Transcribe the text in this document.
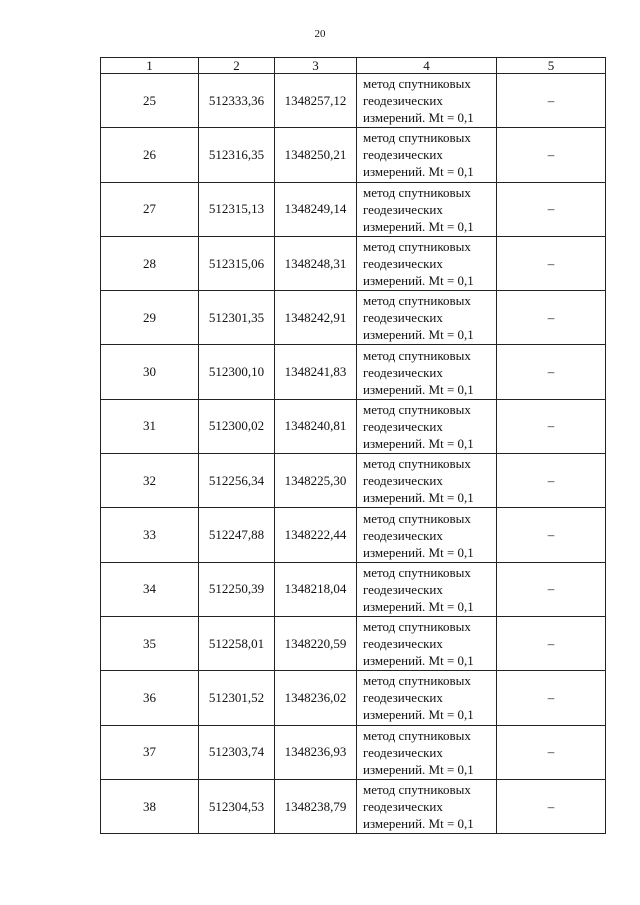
20
1	2	3	4	5
25	512333,36	1348257,12	метод спутниковых
геодезических
измерений. Mt = 0,1	–
26	512316,35	1348250,21	метод спутниковых
геодезических
измерений. Mt = 0,1	–
27	512315,13	1348249,14	метод спутниковых
геодезических
измерений. Mt = 0,1	–
28	512315,06	1348248,31	метод спутниковых
геодезических
измерений. Mt = 0,1	–
29	512301,35	1348242,91	метод спутниковых
геодезических
измерений. Mt = 0,1	–
30	512300,10	1348241,83	метод спутниковых
геодезических
измерений. Mt = 0,1	–
31	512300,02	1348240,81	метод спутниковых
геодезических
измерений. Mt = 0,1	–
32	512256,34	1348225,30	метод спутниковых
геодезических
измерений. Mt = 0,1	–
33	512247,88	1348222,44	метод спутниковых
геодезических
измерений. Mt = 0,1	–
34	512250,39	1348218,04	метод спутниковых
геодезических
измерений. Mt = 0,1	–
35	512258,01	1348220,59	метод спутниковых
геодезических
измерений. Mt = 0,1	–
36	512301,52	1348236,02	метод спутниковых
геодезических
измерений. Mt = 0,1	–
37	512303,74	1348236,93	метод спутниковых
геодезических
измерений. Mt = 0,1	–
38	512304,53	1348238,79	метод спутниковых
геодезических
измерений. Mt = 0,1	–
